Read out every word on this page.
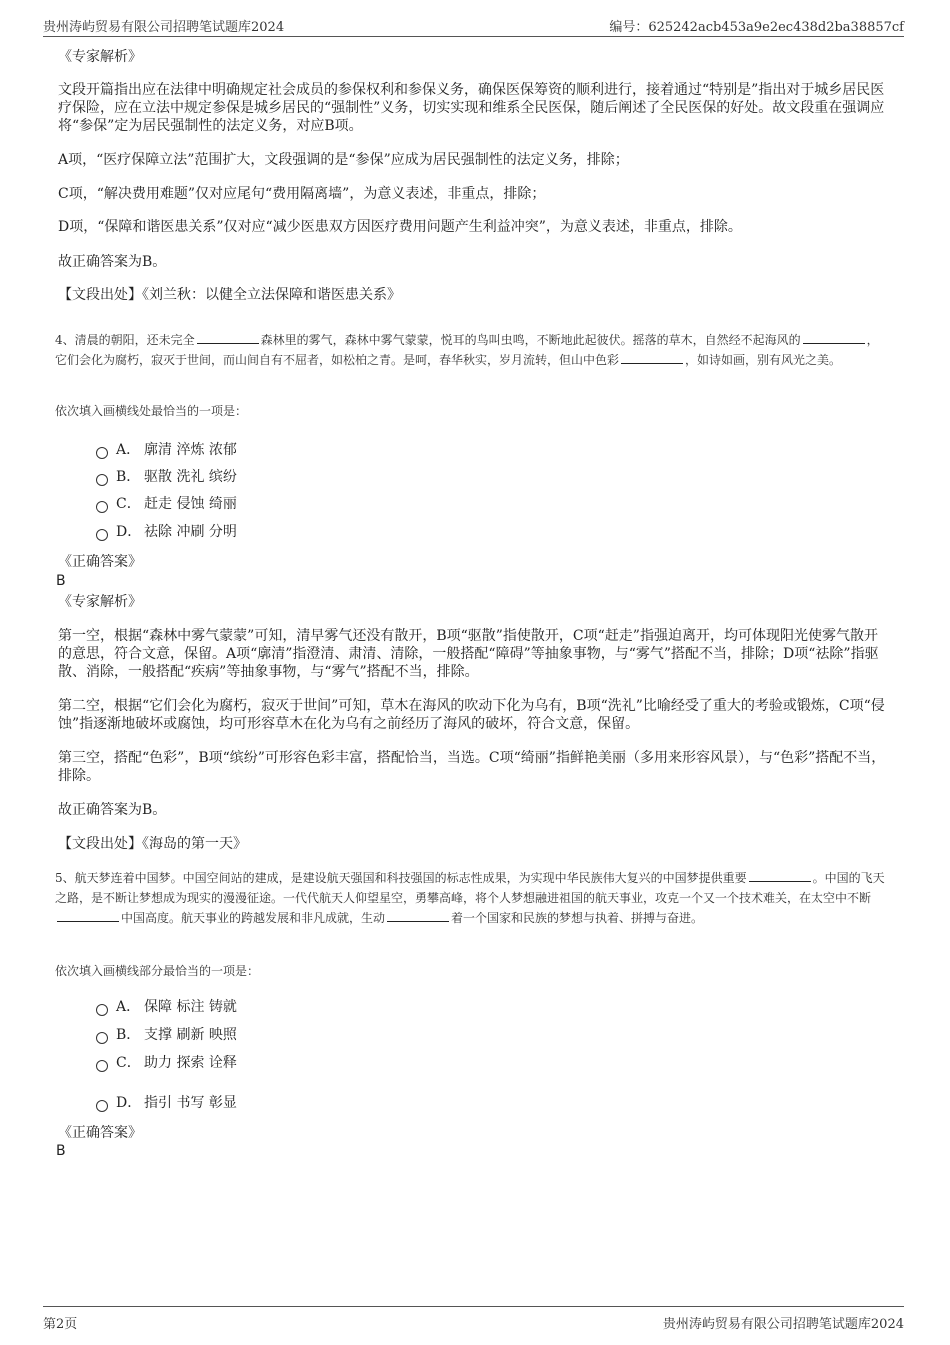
贵州涛屿贸易有限公司招聘笔试题库2024	编号：625242acb453a9e2ec438d2ba38857cf
《专家解析》
文段开篇指出应在法律中明确规定社会成员的参保权利和参保义务，确保医保筹资的顺利进行，接着通过“特别是”指出对于城乡居民医疗保险，应在立法中规定参保是城乡居民的“强制性”义务，切实实现和维系全民医保，随后阐述了全民医保的好处。故文段重在强调应将“参保”定为居民强制性的法定义务，对应B项。
A项，“医疗保障立法”范围扩大，文段强调的是“参保”应成为居民强制性的法定义务，排除；
C项，“解决费用难题”仅对应尾句“费用隔离墙”，为意义表述，非重点，排除；
D项，“保障和谐医患关系”仅对应“减少医患双方因医疗费用问题产生利益冲突”，为意义表述，非重点，排除。
故正确答案为B。
【文段出处】《刘兰秋：以健全立法保障和谐医患关系》
4、清晨的朝阳，还未完全	森林里的雾气，森林中雾气蒙蒙，悦耳的鸟叫虫鸣，不断地此起彼伏。摇落的草木，自然经不起海风的	，它们会化为腐朽，寂灭于世间，而山间自有不屈者，如松柏之青。是呵，春华秋实，岁月流转，但山中色彩	，如诗如画，别有风光之美。
依次填入画横线处最恰当的一项是：
A． 廓清 淬炼 浓郁
B． 驱散 洗礼 缤纷
C． 赶走 侵蚀 绮丽
D． 祛除 冲刷 分明
《正确答案》
B
《专家解析》
第一空，根据“森林中雾气蒙蒙”可知，清早雾气还没有散开，B项“驱散”指使散开，C项“赶走”指强迫离开，均可体现阳光使雾气散开的意思，符合文意，保留。A项“廓清”指澄清、肃清、清除，一般搭配“障碍”等抽象事物，与“雾气”搭配不当，排除；D项“祛除”指驱散、消除，一般搭配“疾病”等抽象事物，与“雾气”搭配不当，排除。
第二空，根据“它们会化为腐朽，寂灭于世间”可知，草木在海风的吹动下化为乌有，B项“洗礼”比喻经受了重大的考验或锻炼，C项“侵蚀”指逐渐地破坏或腐蚀，均可形容草木在化为乌有之前经历了海风的破坏，符合文意，保留。
第三空，搭配“色彩”，B项“缤纷”可形容色彩丰富，搭配恰当，当选。C项“绮丽”指鲜艳美丽（多用来形容风景），与“色彩”搭配不当，排除。
故正确答案为B。
【文段出处】《海岛的第一天》
5、航天梦连着中国梦。中国空间站的建成，是建设航天强国和科技强国的标志性成果，为实现中华民族伟大复兴的中国梦提供重要	。中国的飞天之路，是不断让梦想成为现实的漫漫征途。一代代航天人仰望星空，勇攀高峰，将个人梦想融进祖国的航天事业，攻克一个又一个技术难关，在太空中不断中国高度。航天事业的跨越发展和非凡成就，生动	着一个国家和民族的梦想与执着、拼搏与奋进。
依次填入画横线部分最恰当的一项是：
A． 保障 标注 铸就
B． 支撑 刷新 映照
C． 助力 探索 诠释
D． 指引 书写 彰显
《正确答案》
B
第2页	贵州涛屿贸易有限公司招聘笔试题库2024
